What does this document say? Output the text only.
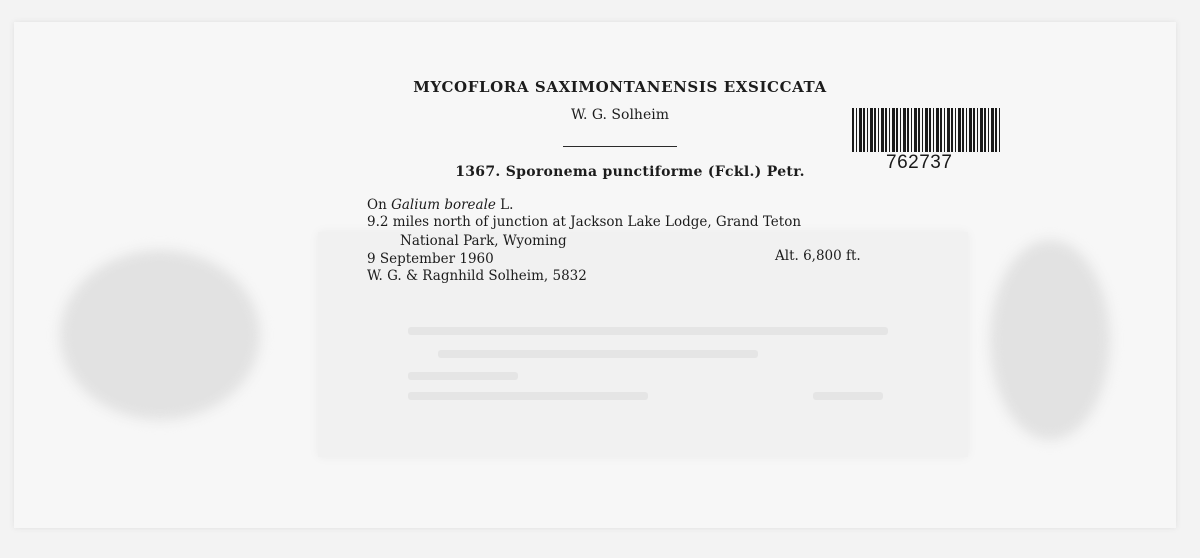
MYCOFLORA SAXIMONTANENSIS EXSICCATA
W. G. Solheim
1367. Sporonema punctiforme (Fckl.) Petr.
On Galium boreale L.
9.2 miles north of junction at Jackson Lake Lodge, Grand Teton
National Park, Wyoming
9 September 1960	Alt. 6,800 ft.
W. G. & Ragnhild Solheim, 5832
762737
